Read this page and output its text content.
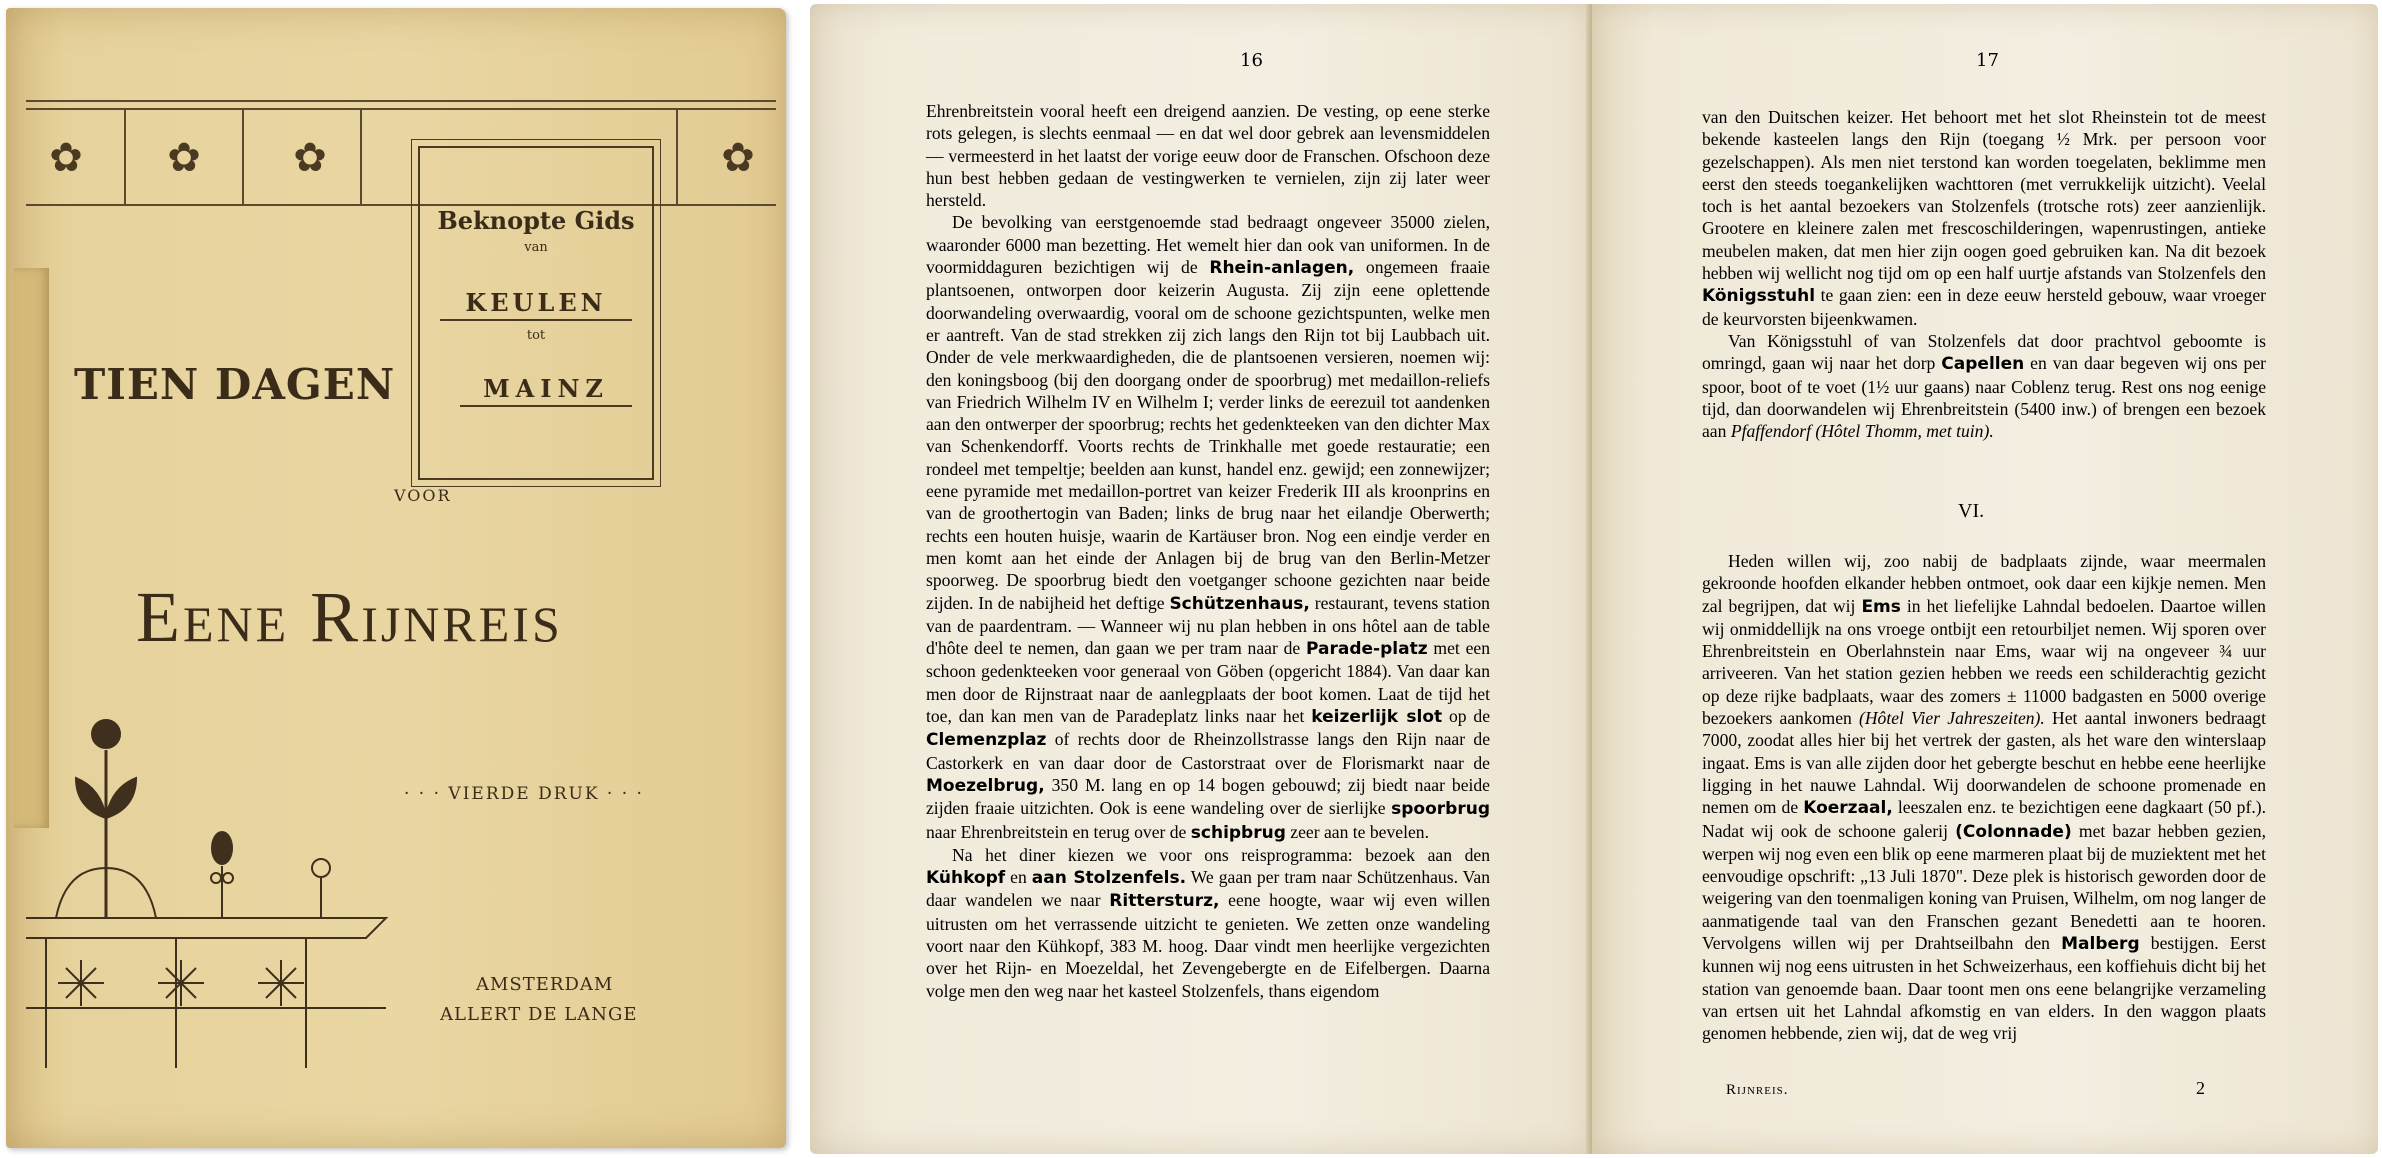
✿	✿	✿	✿
Beknopte Gids
van
KEULEN
tot
MAINZ
TIEN DAGEN
VOOR
Eene Rijnreis
· · · VIERDE DRUK · · ·
AMSTERDAM
ALLERT DE LANGE
16

Ehrenbreitstein vooral heeft een dreigend aanzien. De vesting, op eene sterke rots gelegen, is slechts eenmaal — en dat wel door gebrek aan levensmiddelen — vermeesterd in het laatst der vorige eeuw door de Franschen. Ofschoon deze hun best hebben gedaan de vestingwerken te vernielen, zijn zij later weer hersteld.

De bevolking van eerstgenoemde stad bedraagt ongeveer 35000 zielen, waaronder 6000 man bezetting. Het wemelt hier dan ook van uniformen. In de voormiddaguren bezichtigen wij de Rhein-anlagen, ongemeen fraaie plantsoenen, ontworpen door keizerin Augusta. Zij zijn eene oplettende doorwandeling overwaardig, vooral om de schoone gezichtspunten, welke men er aantreft. Van de stad strekken zij zich langs den Rijn tot bij Laubbach uit. Onder de vele merkwaardigheden, die de plantsoenen versieren, noemen wij: den koningsboog (bij den doorgang onder de spoorbrug) met medaillon-reliefs van Friedrich Wilhelm IV en Wilhelm I; verder links de eerezuil tot aandenken aan den ontwerper der spoorbrug; rechts het gedenkteeken van den dichter Max van Schenkendorff. Voorts rechts de Trinkhalle met goede restauratie; een rondeel met tempeltje; beelden aan kunst, handel enz. gewijd; een zonnewijzer; eene pyramide met medaillon-portret van keizer Frederik III als kroonprins en van de groothertogin van Baden; links de brug naar het eilandje Oberwerth; rechts een houten huisje, waarin de Kartäuser bron. Nog een eindje verder en men komt aan het einde der Anlagen bij de brug van den Berlin-Metzer spoorweg. De spoorbrug biedt den voetganger schoone gezichten naar beide zijden. In de nabijheid het deftige Schützenhaus, restaurant, tevens station van de paardentram. — Wanneer wij nu plan hebben in ons hôtel aan de table d'hôte deel te nemen, dan gaan we per tram naar de Parade-platz met een schoon gedenkteeken voor generaal von Göben (opgericht 1884). Van daar kan men door de Rijnstraat naar de aanlegplaats der boot komen. Laat de tijd het toe, dan kan men van de Paradeplatz links naar het keizerlijk slot op de Clemenzplaz of rechts door de Rheinzollstrasse langs den Rijn naar de Castorkerk en van daar door de Castorstraat over de Florismarkt naar de Moezelbrug, 350 M. lang en op 14 bogen gebouwd; zij biedt naar beide zijden fraaie uitzichten. Ook is eene wandeling over de sierlijke spoorbrug naar Ehrenbreitstein en terug over de schipbrug zeer aan te bevelen.

Na het diner kiezen we voor ons reisprogramma: bezoek aan den Kühkopf en aan Stolzenfels. We gaan per tram naar Schützenhaus. Van daar wandelen we naar Rittersturz, eene hoogte, waar wij even willen uitrusten om het verrassende uitzicht te genieten. We zetten onze wandeling voort naar den Kühkopf, 383 M. hoog. Daar vindt men heerlijke vergezichten over het Rijn- en Moezeldal, het Zevengebergte en de Eifelbergen. Daarna volge men den weg naar het kasteel Stolzenfels, thans eigendom

17

van den Duitschen keizer. Het behoort met het slot Rheinstein tot de meest bekende kasteelen langs den Rijn (toegang ½ Mrk. per persoon voor gezelschappen). Als men niet terstond kan worden toegelaten, beklimme men eerst den steeds toegankelijken wachttoren (met verrukkelijk uitzicht). Veelal toch is het aantal bezoekers van Stolzenfels (trotsche rots) zeer aanzienlijk. Grootere en kleinere zalen met frescoschilderingen, wapenrustingen, antieke meubelen maken, dat men hier zijn oogen goed gebruiken kan. Na dit bezoek hebben wij wellicht nog tijd om op een half uurtje afstands van Stolzenfels den Königsstuhl te gaan zien: een in deze eeuw hersteld gebouw, waar vroeger de keurvorsten bijeenkwamen.

Van Königsstuhl of van Stolzenfels dat door prachtvol geboomte is omringd, gaan wij naar het dorp Capellen en van daar begeven wij ons per spoor, boot of te voet (1½ uur gaans) naar Coblenz terug. Rest ons nog eenige tijd, dan doorwandelen wij Ehrenbreitstein (5400 inw.) of brengen een bezoek aan Pfaffendorf (Hôtel Thomm, met tuin).

VI.

Heden willen wij, zoo nabij de badplaats zijnde, waar meermalen gekroonde hoofden elkander hebben ontmoet, ook daar een kijkje nemen. Men zal begrijpen, dat wij Ems in het liefelijke Lahndal bedoelen. Daartoe willen wij onmiddellijk na ons vroege ontbijt een retourbiljet nemen. Wij sporen over Ehrenbreitstein en Oberlahnstein naar Ems, waar wij na ongeveer ¾ uur arriveeren. Van het station gezien hebben we reeds een schilderachtig gezicht op deze rijke badplaats, waar des zomers ± 11000 badgasten en 5000 overige bezoekers aankomen (Hôtel Vier Jahreszeiten). Het aantal inwoners bedraagt 7000, zoodat alles hier bij het vertrek der gasten, als het ware den winterslaap ingaat. Ems is van alle zijden door het gebergte beschut en hebbe eene heerlijke ligging in het nauwe Lahndal. Wij doorwandelen de schoone promenade en nemen om de Koerzaal, leeszalen enz. te bezichtigen eene dagkaart (50 pf.). Nadat wij ook de schoone galerij (Colonnade) met bazar hebben gezien, werpen wij nog even een blik op eene marmeren plaat bij de muziektent met het eenvoudige opschrift: „13 Juli 1870". Deze plek is historisch geworden door de weigering van den toenmaligen koning van Pruisen, Wilhelm, om nog langer de aanmatigende taal van den Franschen gezant Benedetti aan te hooren. Vervolgens willen wij per Drahtseilbahn den Malberg bestijgen. Eerst kunnen wij nog eens uitrusten in het Schweizerhaus, een koffiehuis dicht bij het station van genoemde baan. Daar toont men ons eene belangrijke verzameling van ertsen uit het Lahndal afkomstig en van elders. In den waggon plaats genomen hebbende, zien wij, dat de weg vrij

Rijnreis.	2
